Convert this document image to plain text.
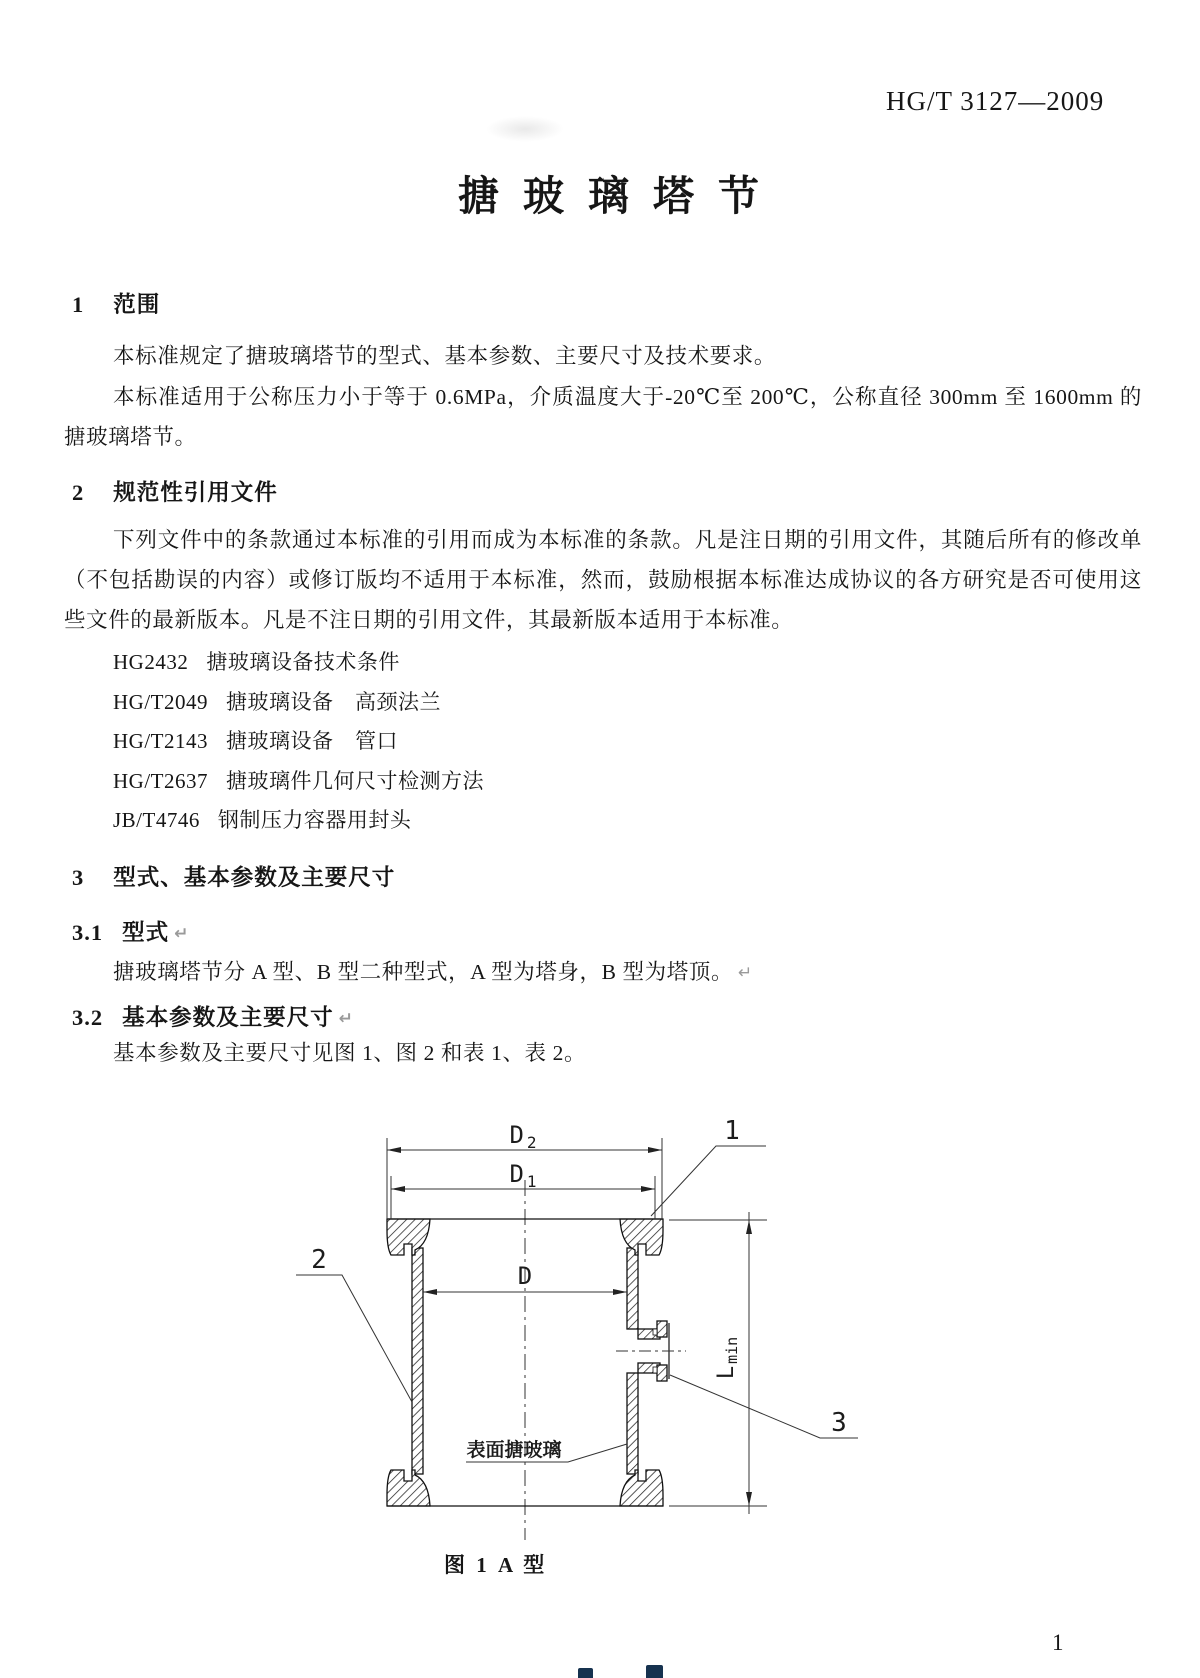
HG/T 3127—2009
搪玻璃塔节
1 范围
本标准规定了搪玻璃塔节的型式、基本参数、主要尺寸及技术要求。
本标准适用于公称压力小于等于 0.6MPa，介质温度大于-20℃至 200℃，公称直径 300mm 至 1600mm 的搪玻璃塔节。
2 规范性引用文件
下列文件中的条款通过本标准的引用而成为本标准的条款。凡是注日期的引用文件，其随后所有的修改单（不包括勘误的内容）或修订版均不适用于本标准，然而，鼓励根据本标准达成协议的各方研究是否可使用这些文件的最新版本。凡是不注日期的引用文件，其最新版本适用于本标准。
HG2432 搪玻璃设备技术条件
HG/T2049 搪玻璃设备　高颈法兰
HG/T2143 搪玻璃设备　管口
HG/T2637 搪玻璃件几何尺寸检测方法
JB/T4746 钢制压力容器用封头
3 型式、基本参数及主要尺寸
3.1 型式 ↵
搪玻璃塔节分 A 型、B 型二种型式，A 型为塔身，B 型为塔顶。 ↵
3.2 基本参数及主要尺寸 ↵
基本参数及主要尺寸见图 1、图 2 和表 1、表 2。
D $_2$
D $_1$
D
Lmin
1
2
3
表面搪玻璃
图 1 A 型
1
